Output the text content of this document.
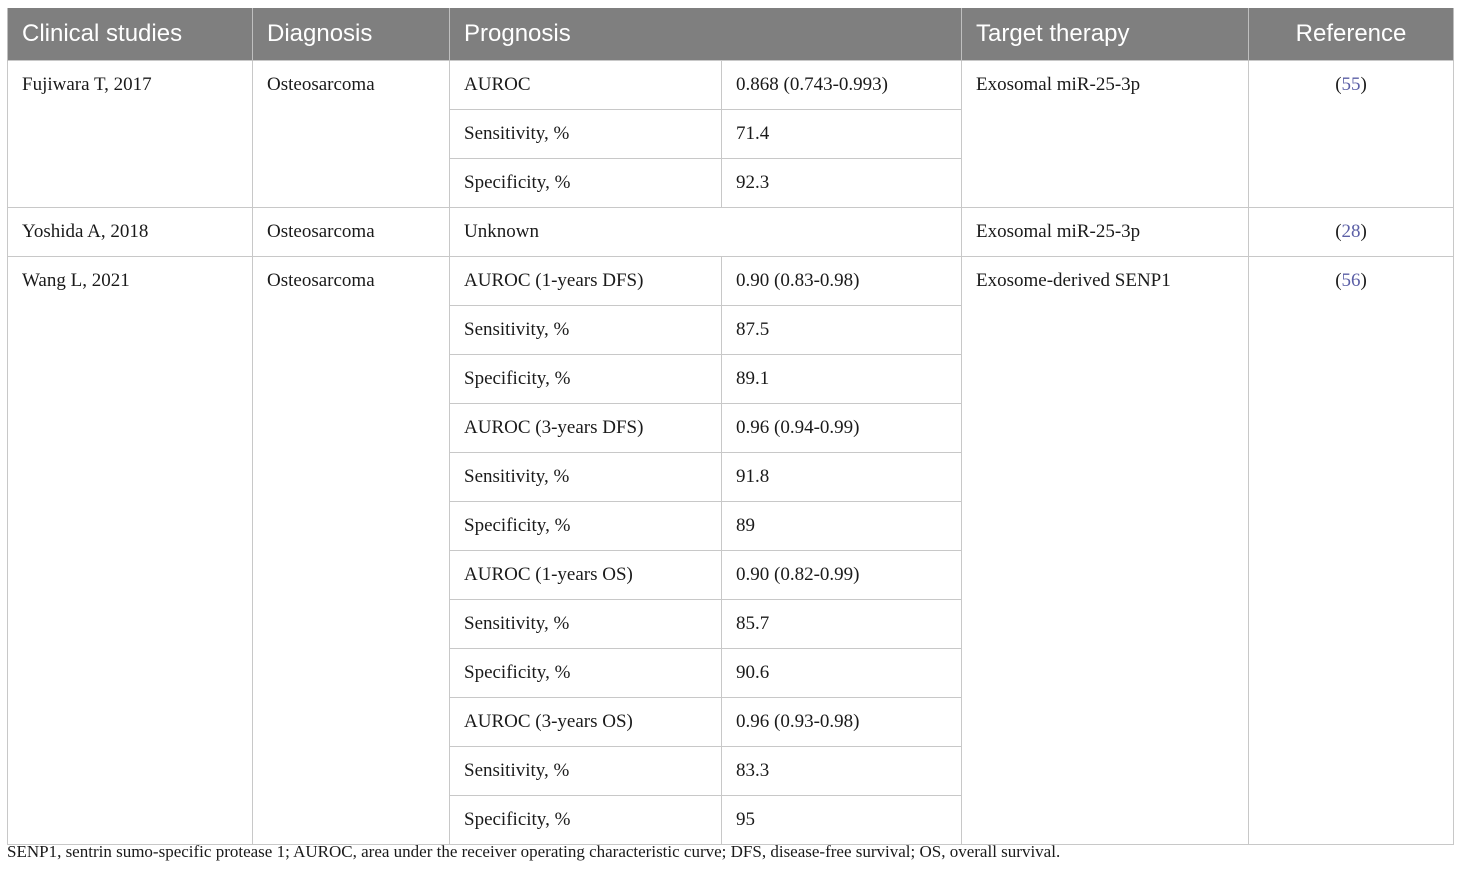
Clinical studies	Diagnosis	Prognosis		Target therapy	Reference
Fujiwara T, 2017	Osteosarcoma	AUROC	0.868 (0.743-0.993)	Exosomal miR-25-3p	(55)
		Sensitivity, %	71.4		
		Specificity, %	92.3		
Yoshida A, 2018	Osteosarcoma	Unknown		Exosomal miR-25-3p	(28)
Wang L, 2021	Osteosarcoma	AUROC (1-years DFS)	0.90 (0.83-0.98)	Exosome-derived SENP1	(56)
		Sensitivity, %	87.5		
		Specificity, %	89.1		
		AUROC (3-years DFS)	0.96 (0.94-0.99)		
		Sensitivity, %	91.8		
		Specificity, %	89		
		AUROC (1-years OS)	0.90 (0.82-0.99)		
		Sensitivity, %	85.7		
		Specificity, %	90.6		
		AUROC (3-years OS)	0.96 (0.93-0.98)		
		Sensitivity, %	83.3		
		Specificity, %	95		
SENP1, sentrin sumo-specific protease 1; AUROC, area under the receiver operating characteristic curve; DFS, disease-free survival; OS, overall survival.
